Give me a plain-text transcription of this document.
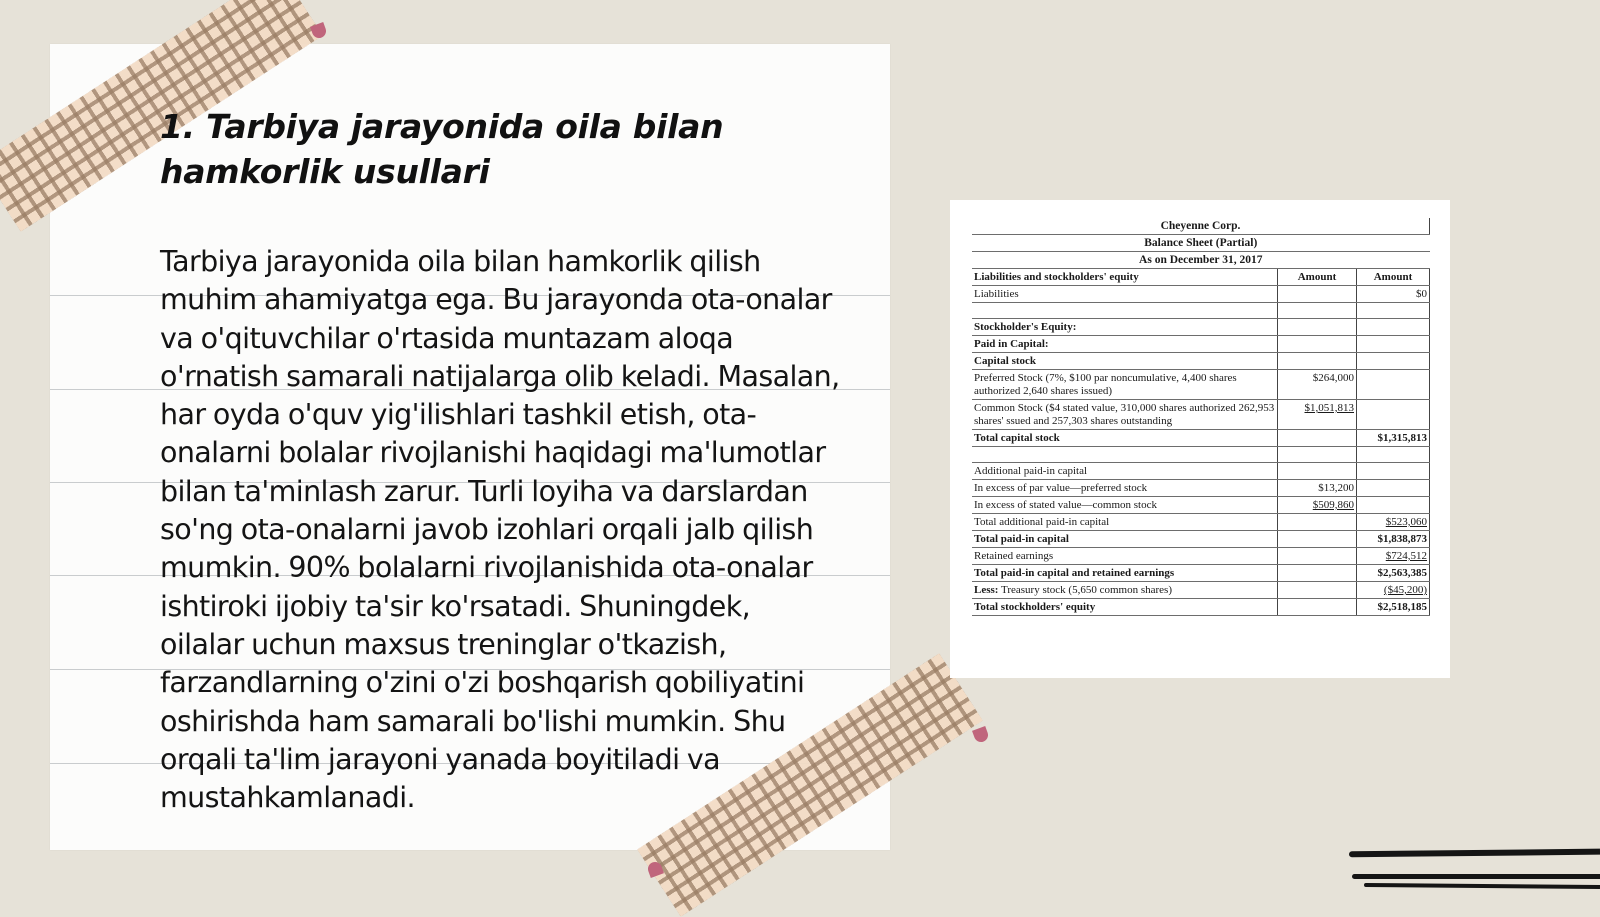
1. Tarbiya jarayonida oila bilan hamkorlik usullari

Tarbiya jarayonida oila bilan hamkorlik qilish muhim ahamiyatga ega. Bu jarayonda ota-onalar va o'qituvchilar o'rtasida muntazam aloqa o'rnatish samarali natijalarga olib keladi. Masalan, har oyda o'quv yig'ilishlari tashkil etish, ota-onalarni bolalar rivojlanishi haqidagi ma'lumotlar bilan ta'minlash zarur. Turli loyiha va darslardan so'ng ota-onalarni javob izohlari orqali jalb qilish mumkin. 90% bolalarni rivojlanishida ota-onalar ishtiroki ijobiy ta'sir ko'rsatadi. Shuningdek, oilalar uchun maxsus treninglar o'tkazish, farzandlarning o'zini o'zi boshqarish qobiliyatini oshirishda ham samarali bo'lishi mumkin. Shu orqali ta'lim jarayoni yanada boyitiladi va mustahkamlanadi.

Cheyenne Corp.		
Balance Sheet (Partial)		
As on December 31, 2017		
Liabilities and stockholders' equity	Amount	Amount
Liabilities		$0

Stockholder's Equity:		
Paid in Capital:		
Capital stock		
Preferred Stock (7%, $100 par noncumulative, 4,400 shares authorized 2,640 shares issued)	$264,000	
Common Stock ($4 stated value, 310,000 shares authorized 262,953 shares' ssued and 257,303 shares outstanding	$1,051,813	
Total capital stock		$1,315,813

Additional paid-in capital		
In excess of par value—preferred stock	$13,200	
In excess of stated value—common stock	$509,860	
Total additional paid-in capital		$523,060
Total paid-in capital		$1,838,873
Retained earnings		$724,512
Total paid-in capital and retained earnings		$2,563,385
Less: Treasury stock (5,650 common shares)		($45,200)
Total stockholders' equity		$2,518,185
